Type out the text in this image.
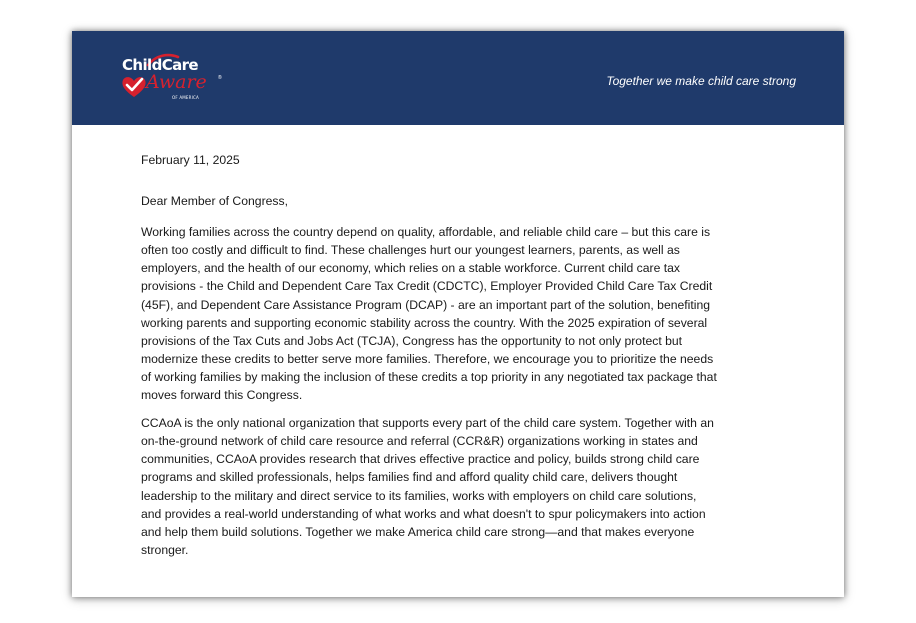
ChildCare
Aware ®
OF AMERICA
Together we make child care strong
February 11, 2025
Dear Member of Congress,
Working families across the country depend on quality, affordable, and reliable child care – but this care is
often too costly and difficult to find. These challenges hurt our youngest learners, parents, as well as
employers, and the health of our economy, which relies on a stable workforce. Current child care tax
provisions - the Child and Dependent Care Tax Credit (CDCTC), Employer Provided Child Care Tax Credit
(45F), and Dependent Care Assistance Program (DCAP) - are an important part of the solution, benefiting
working parents and supporting economic stability across the country. With the 2025 expiration of several
provisions of the Tax Cuts and Jobs Act (TCJA), Congress has the opportunity to not only protect but
modernize these credits to better serve more families. Therefore, we encourage you to prioritize the needs
of working families by making the inclusion of these credits a top priority in any negotiated tax package that
moves forward this Congress.
CCAoA is the only national organization that supports every part of the child care system. Together with an
on-the-ground network of child care resource and referral (CCR&R) organizations working in states and
communities, CCAoA provides research that drives effective practice and policy, builds strong child care
programs and skilled professionals, helps families find and afford quality child care, delivers thought
leadership to the military and direct service to its families, works with employers on child care solutions,
and provides a real-world understanding of what works and what doesn't to spur policymakers into action
and help them build solutions. Together we make America child care strong—and that makes everyone
stronger.
